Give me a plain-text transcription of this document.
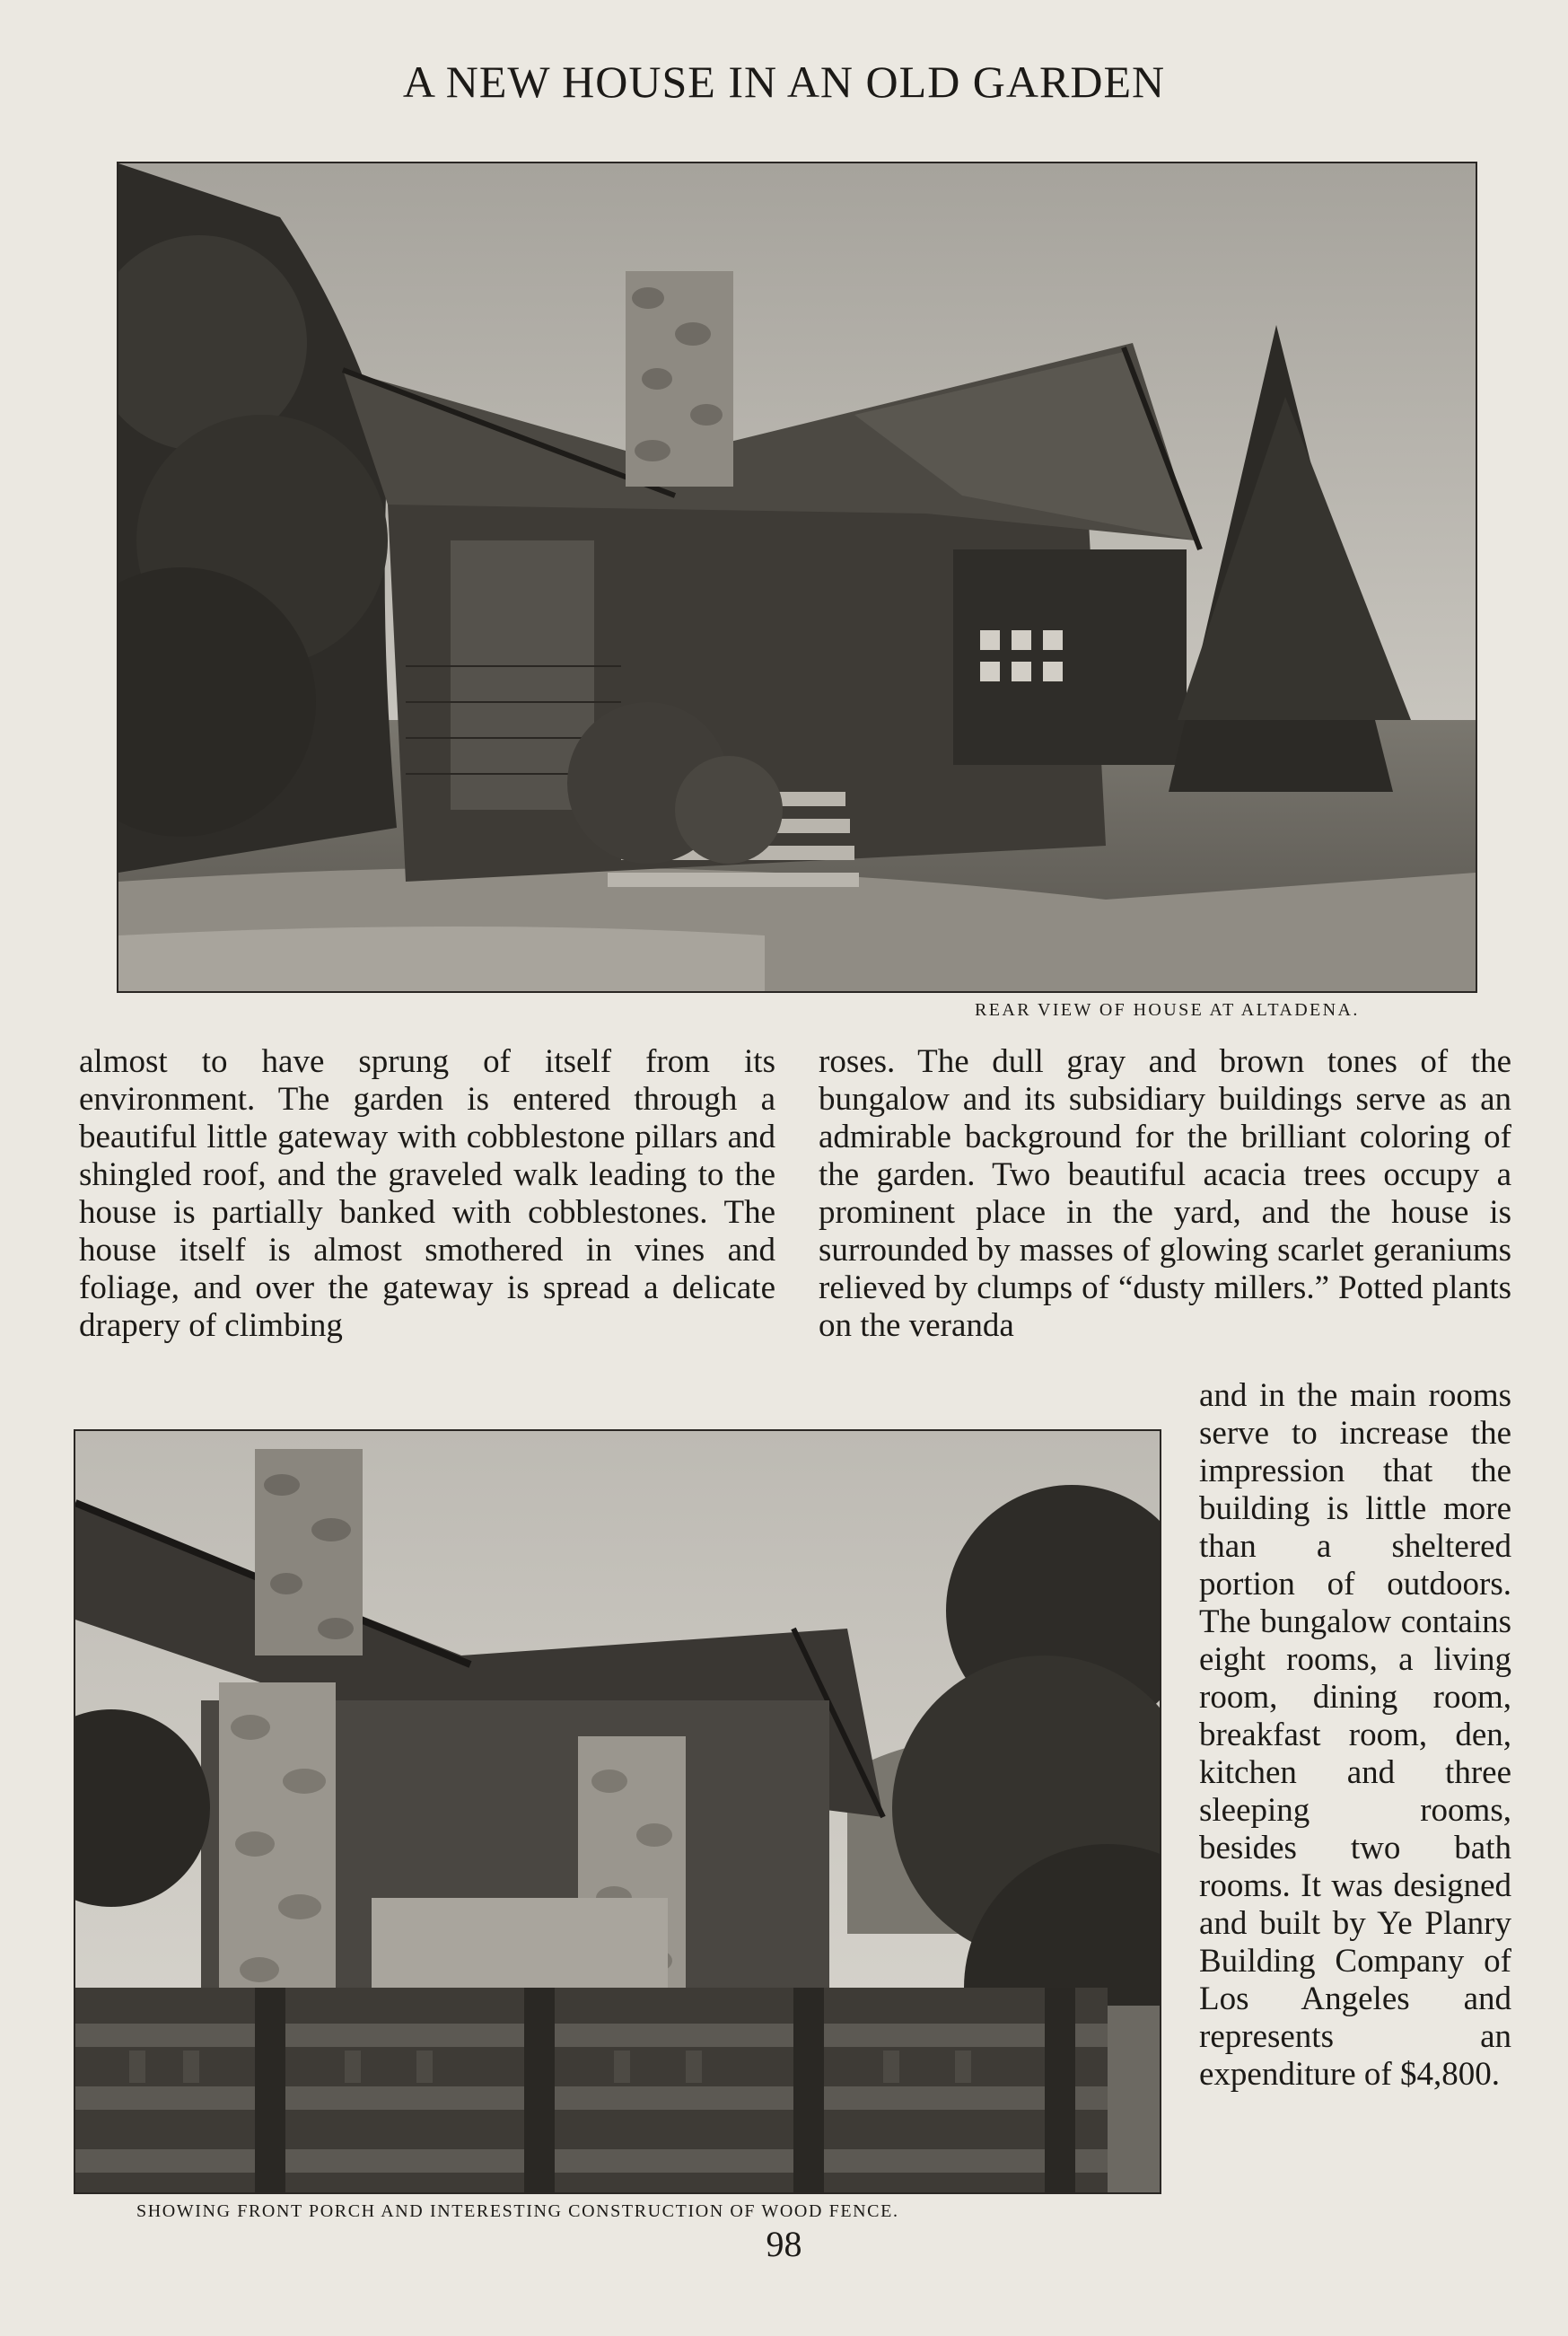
A NEW HOUSE IN AN OLD GARDEN
REAR VIEW OF HOUSE AT ALTADENA.

almost to have sprung of itself from its environment. The garden is entered through a beautiful little gateway with cobblestone pillars and shingled roof, and the graveled walk leading to the house is partially banked with cobblestones. The house itself is almost smothered in vines and foliage, and over the gateway is spread a delicate drapery of climbing

roses. The dull gray and brown tones of the bungalow and its subsidiary buildings serve as an admirable background for the brilliant coloring of the garden. Two beautiful acacia trees occupy a prominent place in the yard, and the house is surrounded by masses of glowing scarlet geraniums relieved by clumps of “dusty millers.” Potted plants on the veranda

and in the main rooms serve to increase the impression that the building is little more than a sheltered portion of outdoors. The bungalow contains eight rooms, a living room, dining room, breakfast room, den, kitchen and three sleeping rooms, besides two bath rooms. It was designed and built by Ye Planry Building Company of Los Angeles and represents an expenditure of $4,800.

SHOWING FRONT PORCH AND INTERESTING CONSTRUCTION OF WOOD FENCE.
98
